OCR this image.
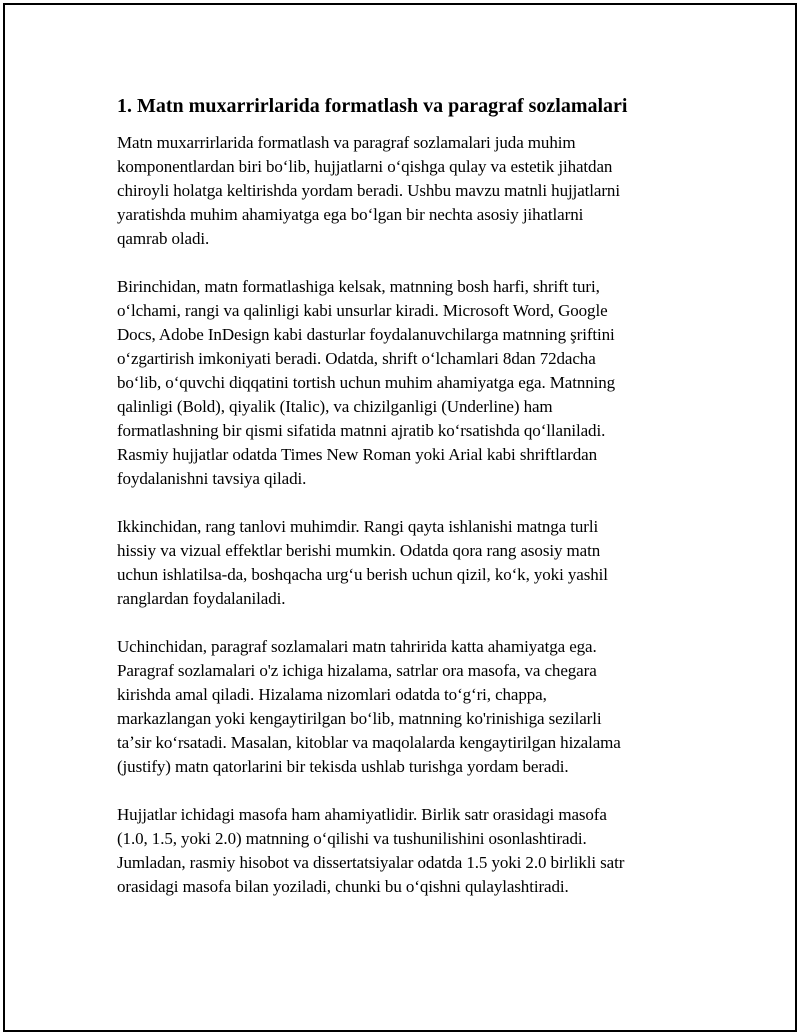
1. Matn muxarrirlarida formatlash va paragraf sozlamalari

Matn muxarrirlarida formatlash va paragraf sozlamalari juda muhim
komponentlardan biri boʻlib, hujjatlarni oʻqishga qulay va estetik jihatdan
chiroyli holatga keltirishda yordam beradi. Ushbu mavzu matnli hujjatlarni
yaratishda muhim ahamiyatga ega boʻlgan bir nechta asosiy jihatlarni
qamrab oladi.

Birinchidan, matn formatlashiga kelsak, matnning bosh harfi, shrift turi,
oʻlchami, rangi va qalinligi kabi unsurlar kiradi. Microsoft Word, Google
Docs, Adobe InDesign kabi dasturlar foydalanuvchilarga matnning şriftini
oʻzgartirish imkoniyati beradi. Odatda, shrift oʻlchamlari 8dan 72dacha
boʻlib, oʻquvchi diqqatini tortish uchun muhim ahamiyatga ega. Matnning
qalinligi (Bold), qiyalik (Italic), va chizilganligi (Underline) ham
formatlashning bir qismi sifatida matnni ajratib koʻrsatishda qoʻllaniladi.
Rasmiy hujjatlar odatda Times New Roman yoki Arial kabi shriftlardan
foydalanishni tavsiya qiladi.

Ikkinchidan, rang tanlovi muhimdir. Rangi qayta ishlanishi matnga turli
hissiy va vizual effektlar berishi mumkin. Odatda qora rang asosiy matn
uchun ishlatilsa-da, boshqacha urgʻu berish uchun qizil, koʻk, yoki yashil
ranglardan foydalaniladi.

Uchinchidan, paragraf sozlamalari matn tahririda katta ahamiyatga ega.
Paragraf sozlamalari o'z ichiga hizalama, satrlar ora masofa, va chegara
kirishda amal qiladi. Hizalama nizomlari odatda toʻgʻri, chappa,
markazlangan yoki kengaytirilgan boʻlib, matnning ko'rinishiga sezilarli
taʼsir koʻrsatadi. Masalan, kitoblar va maqolalarda kengaytirilgan hizalama
(justify) matn qatorlarini bir tekisda ushlab turishga yordam beradi.

Hujjatlar ichidagi masofa ham ahamiyatlidir. Birlik satr orasidagi masofa
(1.0, 1.5, yoki 2.0) matnning oʻqilishi va tushunilishini osonlashtiradi.
Jumladan, rasmiy hisobot va dissertatsiyalar odatda 1.5 yoki 2.0 birlikli satr
orasidagi masofa bilan yoziladi, chunki bu oʻqishni qulaylashtiradi.
